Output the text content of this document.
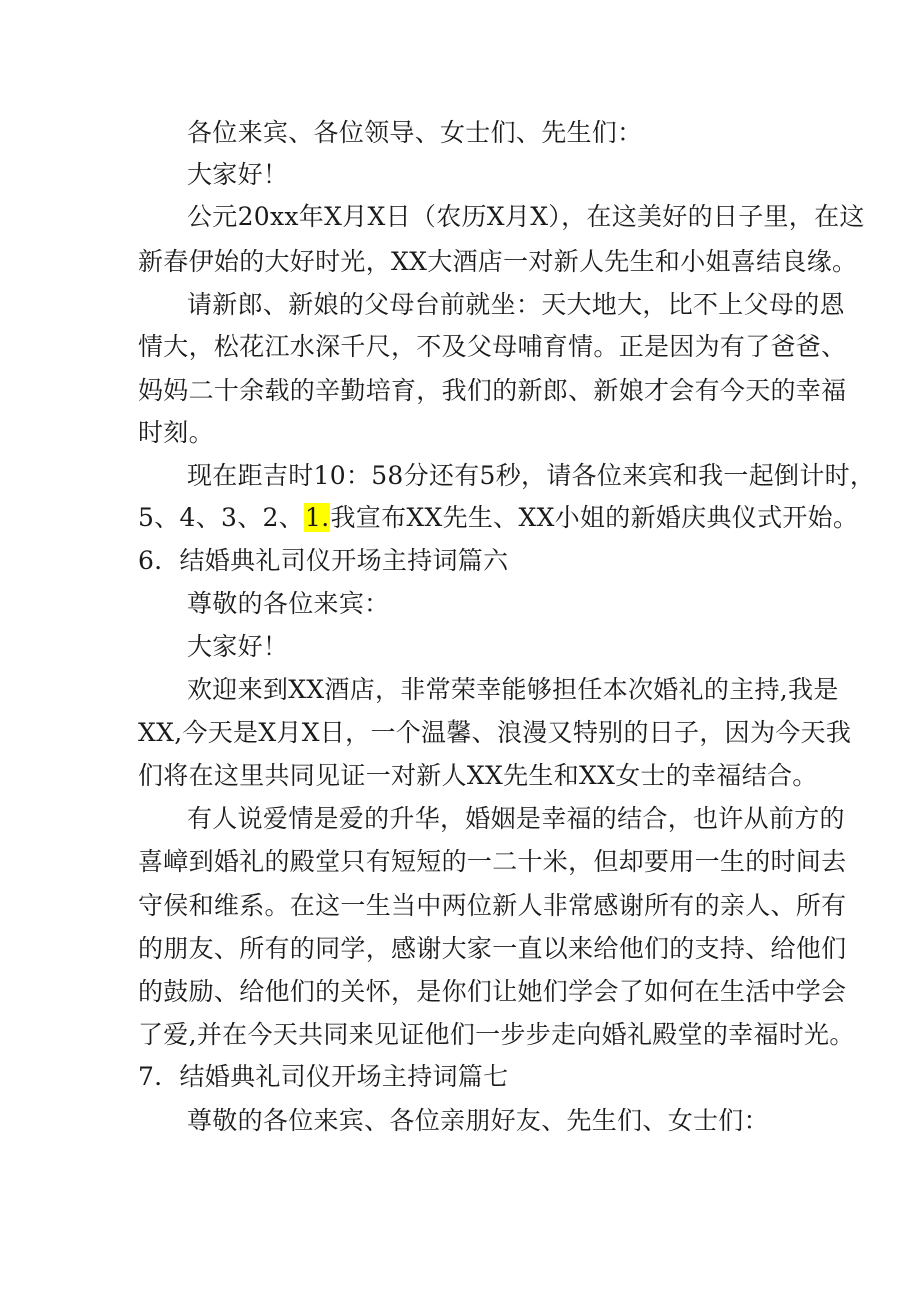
各位来宾、各位领导、女士们、先生们：
大家好！
公元20xx年X月X日（农历X月X），在这美好的日子里，在这
新春伊始的大好时光，XX大酒店一对新人先生和小姐喜结良缘。
请新郎、新娘的父母台前就坐：天大地大，比不上父母的恩
情大，松花江水深千尺，不及父母哺育情。正是因为有了爸爸、
妈妈二十余载的辛勤培育，我们的新郎、新娘才会有今天的幸福
时刻。
现在距吉时10：58分还有5秒，请各位来宾和我一起倒计时，
5、4、3、2、1.我宣布XX先生、XX小姐的新婚庆典仪式开始。
6．结婚典礼司仪开场主持词篇六
尊敬的各位来宾：
大家好！
欢迎来到XX酒店，非常荣幸能够担任本次婚礼的主持,我是
XX,今天是X月X日，一个温馨、浪漫又特别的日子，因为今天我
们将在这里共同见证一对新人XX先生和XX女士的幸福结合。
有人说爱情是爱的升华，婚姻是幸福的结合，也许从前方的
喜嶂到婚礼的殿堂只有短短的一二十米，但却要用一生的时间去
守侯和维系。在这一生当中两位新人非常感谢所有的亲人、所有
的朋友、所有的同学，感谢大家一直以来给他们的支持、给他们
的鼓励、给他们的关怀，是你们让她们学会了如何在生活中学会
了爱,并在今天共同来见证他们一步步走向婚礼殿堂的幸福时光。
7．结婚典礼司仪开场主持词篇七
尊敬的各位来宾、各位亲朋好友、先生们、女士们：
